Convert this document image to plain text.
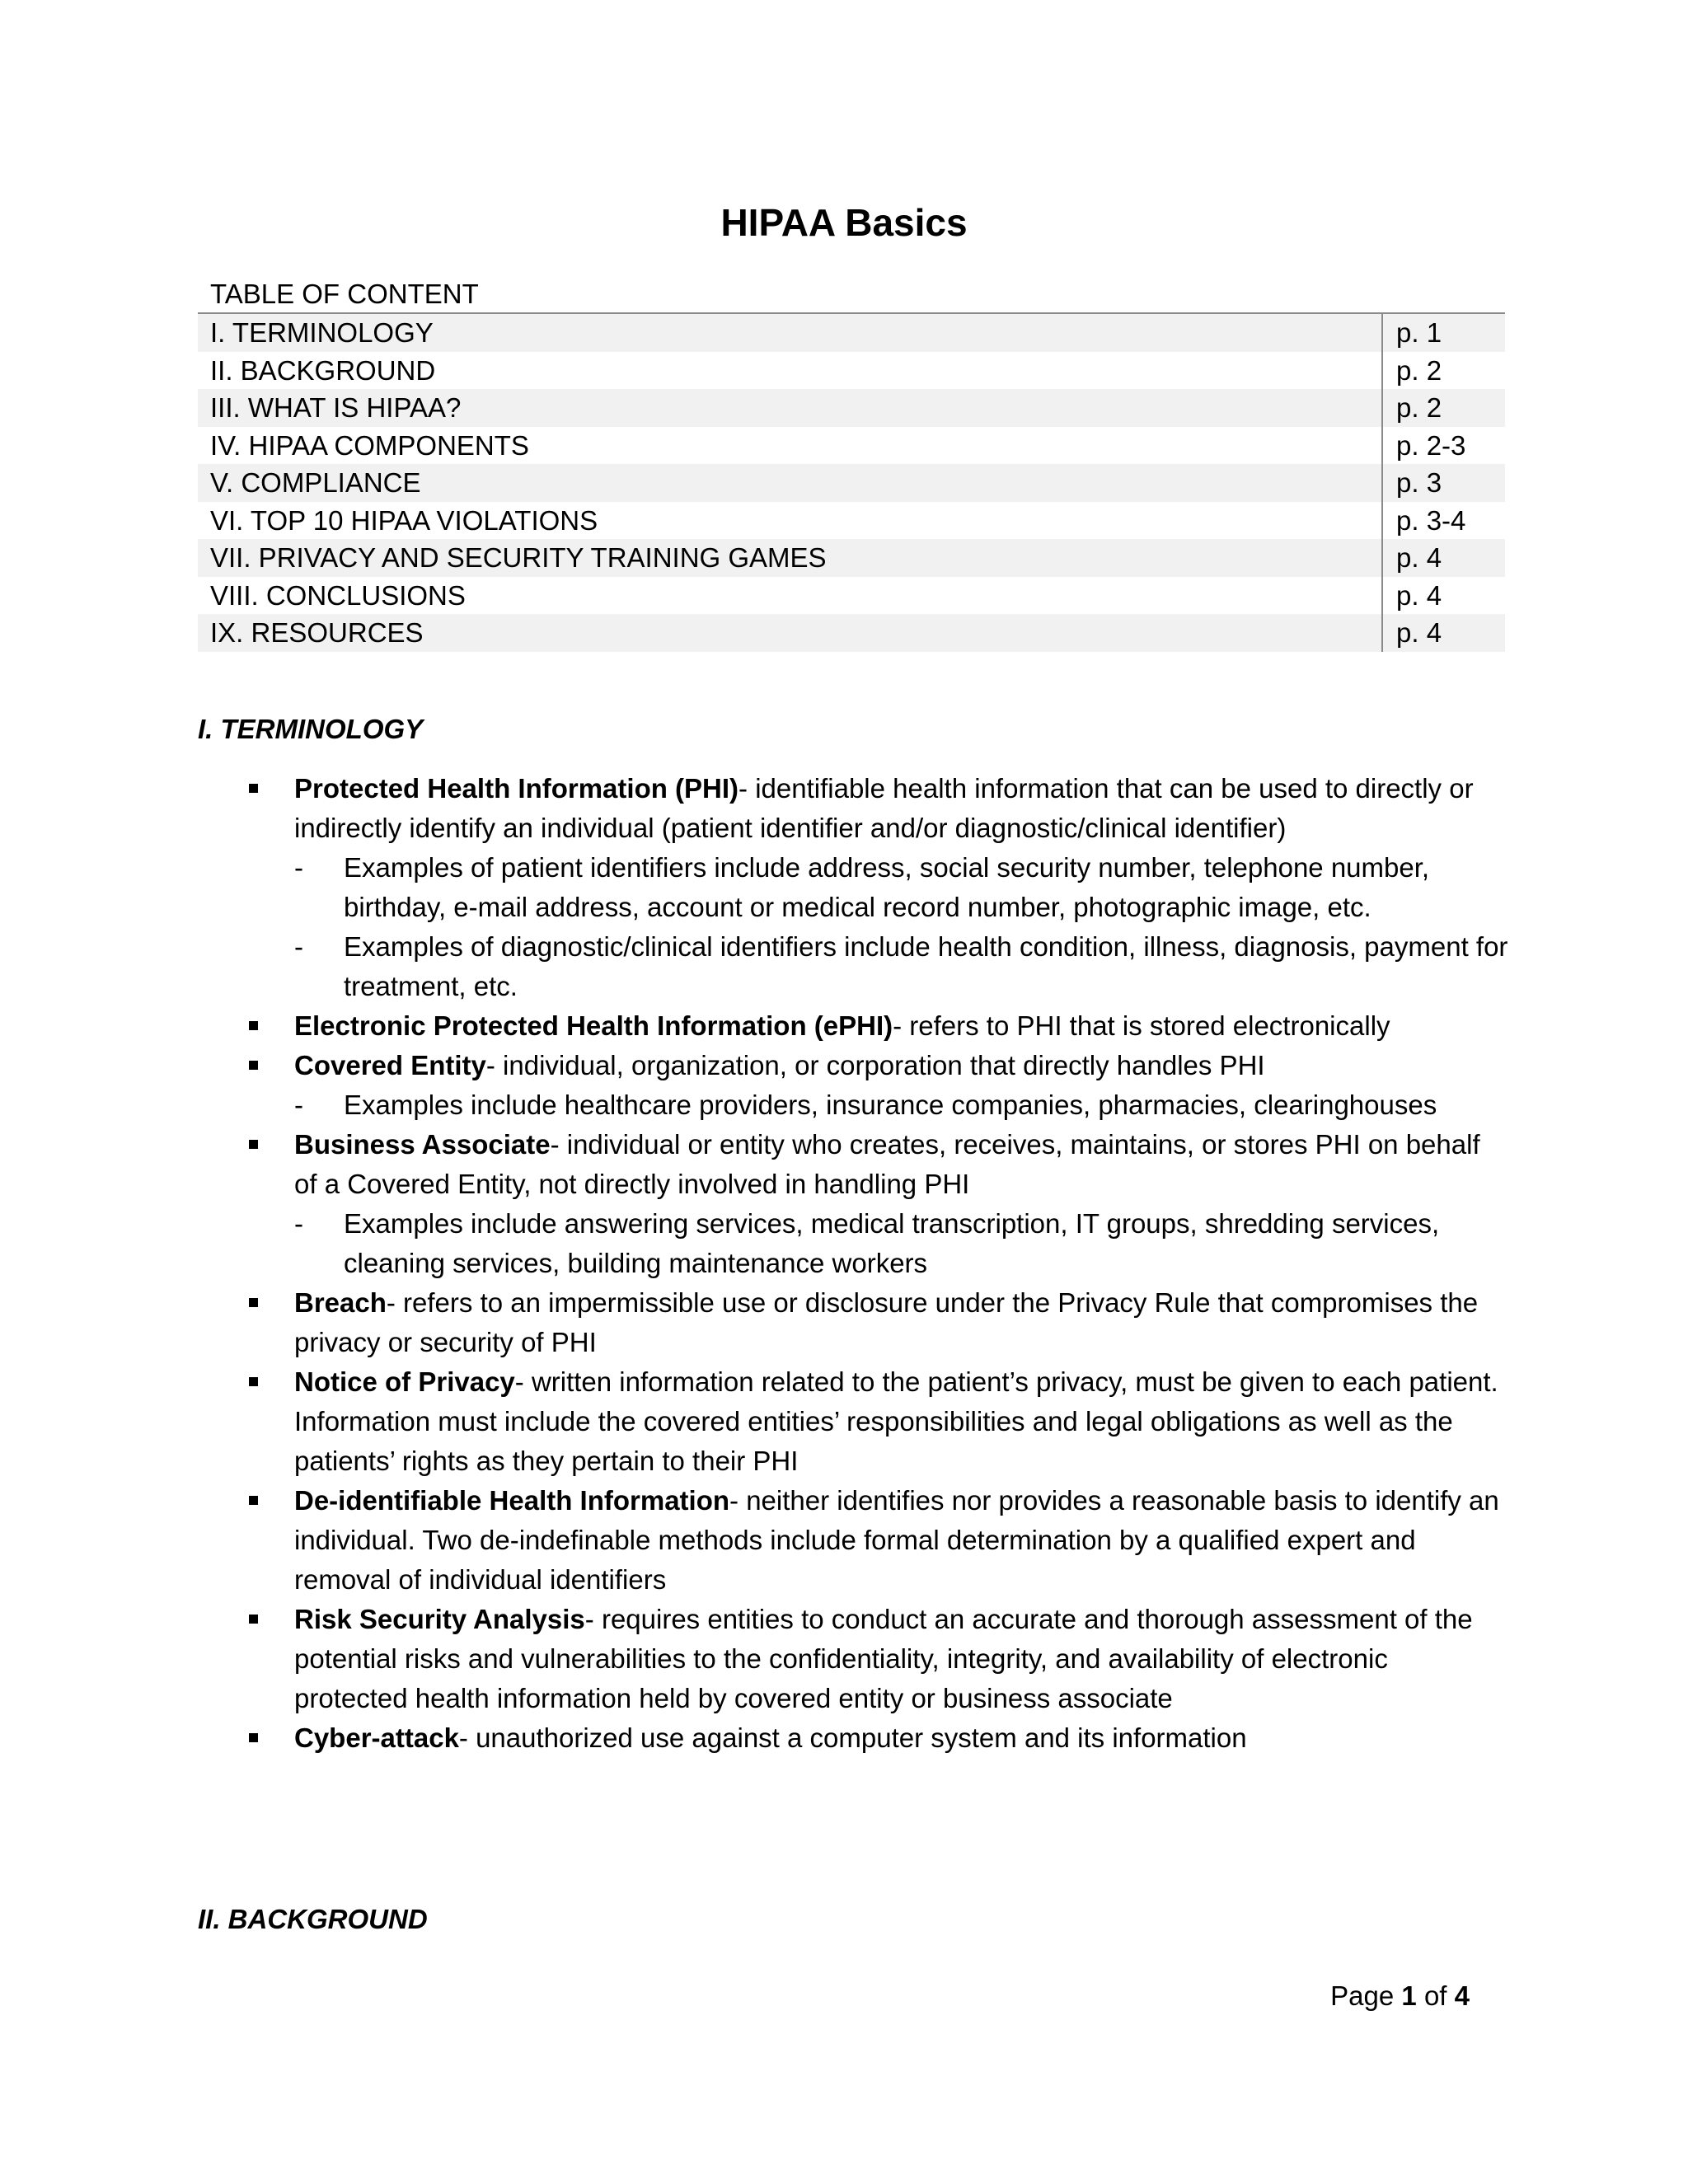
HIPAA Basics
TABLE OF CONTENT
I. TERMINOLOGY	p. 1
II. BACKGROUND	p. 2
III. WHAT IS HIPAA?	p. 2
IV. HIPAA COMPONENTS	p. 2-3
V. COMPLIANCE	p. 3
VI. TOP 10 HIPAA VIOLATIONS	p. 3-4
VII. PRIVACY AND SECURITY TRAINING GAMES	p. 4
VIII. CONCLUSIONS	p. 4
IX. RESOURCES	p. 4
I. TERMINOLOGY
Protected Health Information (PHI)- identifiable health information that can be used to directly or indirectly identify an individual (patient identifier and/or diagnostic/clinical identifier)
- Examples of patient identifiers include address, social security number, telephone number, birthday, e-mail address, account or medical record number, photographic image, etc.
- Examples of diagnostic/clinical identifiers include health condition, illness, diagnosis, payment for treatment, etc.
Electronic Protected Health Information (ePHI)- refers to PHI that is stored electronically
Covered Entity- individual, organization, or corporation that directly handles PHI
- Examples include healthcare providers, insurance companies, pharmacies, clearinghouses
Business Associate- individual or entity who creates, receives, maintains, or stores PHI on behalf of a Covered Entity, not directly involved in handling PHI
- Examples include answering services, medical transcription, IT groups, shredding services, cleaning services, building maintenance workers
Breach- refers to an impermissible use or disclosure under the Privacy Rule that compromises the privacy or security of PHI
Notice of Privacy- written information related to the patient’s privacy, must be given to each patient. Information must include the covered entities’ responsibilities and legal obligations as well as the patients’ rights as they pertain to their PHI
De-identifiable Health Information- neither identifies nor provides a reasonable basis to identify an individual. Two de-indefinable methods include formal determination by a qualified expert and removal of individual identifiers
Risk Security Analysis- requires entities to conduct an accurate and thorough assessment of the potential risks and vulnerabilities to the confidentiality, integrity, and availability of electronic protected health information held by covered entity or business associate
Cyber-attack- unauthorized use against a computer system and its information
II. BACKGROUND
Page 1 of 4
